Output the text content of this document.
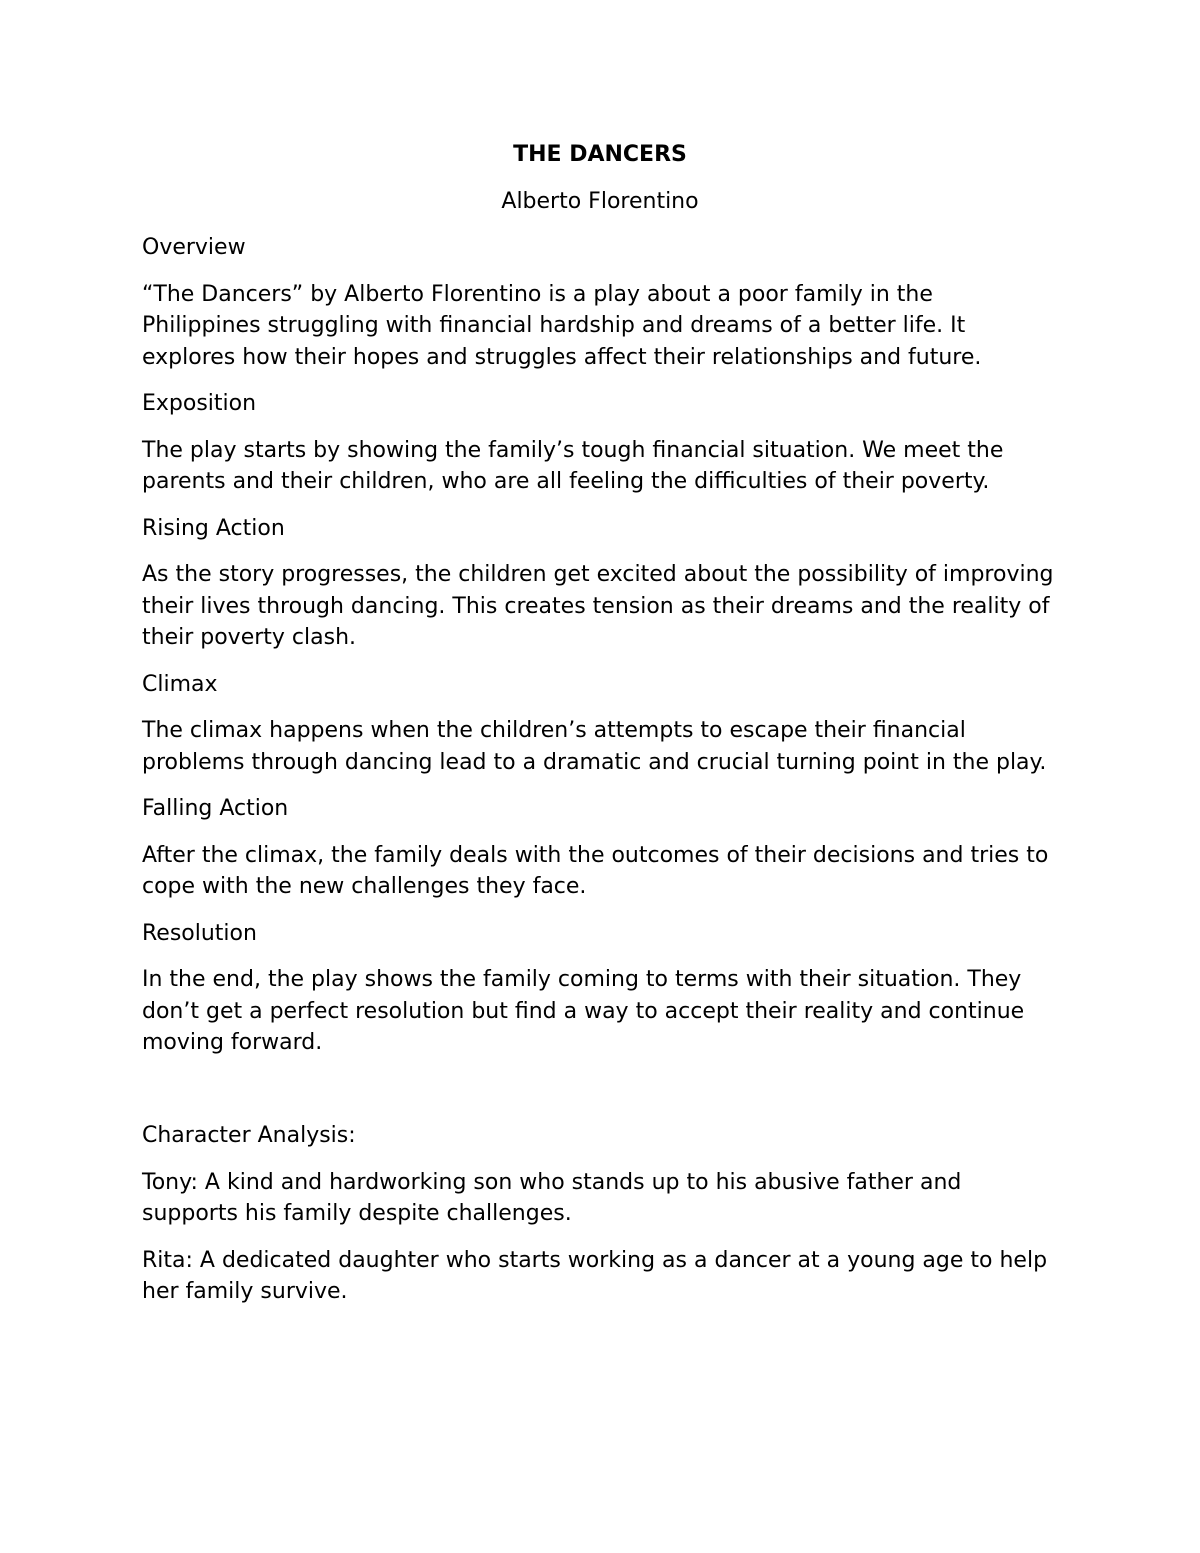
THE DANCERS

Alberto Florentino

Overview

“The Dancers” by Alberto Florentino is a play about a poor family in the Philippines struggling with financial hardship and dreams of a better life. It explores how their hopes and struggles affect their relationships and future.

Exposition

The play starts by showing the family’s tough financial situation. We meet the parents and their children, who are all feeling the difficulties of their poverty.

Rising Action

As the story progresses, the children get excited about the possibility of improving their lives through dancing. This creates tension as their dreams and the reality of their poverty clash.

Climax

The climax happens when the children’s attempts to escape their financial problems through dancing lead to a dramatic and crucial turning point in the play.

Falling Action

After the climax, the family deals with the outcomes of their decisions and tries to cope with the new challenges they face.

Resolution

In the end, the play shows the family coming to terms with their situation. They don’t get a perfect resolution but find a way to accept their reality and continue moving forward.

Character Analysis:

Tony: A kind and hardworking son who stands up to his abusive father and supports his family despite challenges.

Rita: A dedicated daughter who starts working as a dancer at a young age to help her family survive.
